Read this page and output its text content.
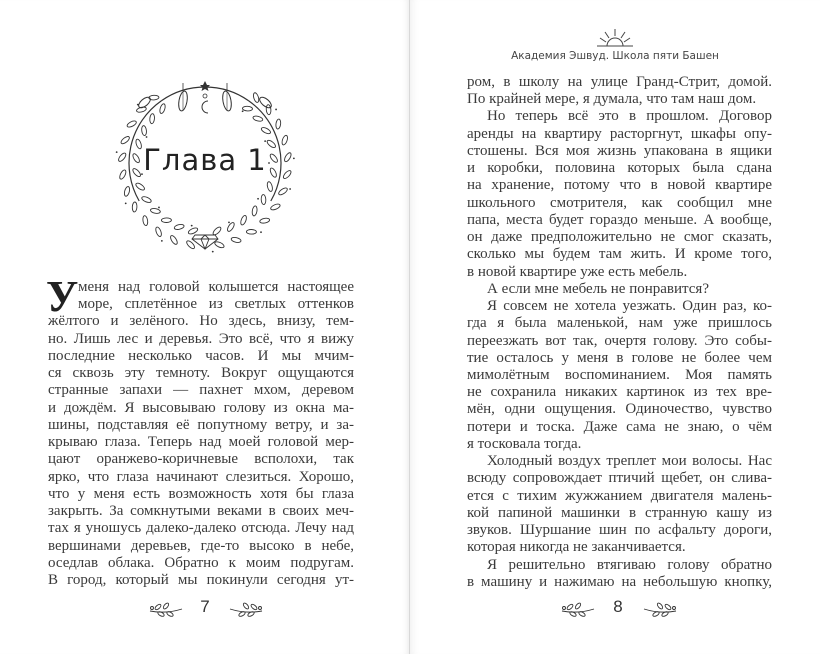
Глава 1
У меня над головой колышется настоящее
море, сплетённое из светлых оттенков
жёлтого и зелёного. Но здесь, внизу, тем-
но. Лишь лес и деревья. Это всё, что я вижу
последние несколько часов. И мы мчим-
ся сквозь эту темноту. Вокруг ощущаются
странные запахи — пахнет мхом, деревом
и дождём. Я высовываю голову из окна ма-
шины, подставляя её попутному ветру, и за-
крываю глаза. Теперь над моей головой мер-
цают оранжево-коричневые всполохи, так
ярко, что глаза начинают слезиться. Хорошо,
что у меня есть возможность хотя бы глаза
закрыть. За сомкнутыми веками в своих меч-
тах я уношусь далеко-далеко отсюда. Лечу над
вершинами деревьев, где-то высоко в небе,
оседлав облака. Обратно к моим подругам.
В город, который мы покинули сегодня ут-
7
Академия Эшвуд. Школа пяти Башен
ром, в школу на улице Гранд-Стрит, домой.
По крайней мере, я думала, что там наш дом.
Но теперь всё это в прошлом. Договор
аренды на квартиру расторгнут, шкафы опу-
стошены. Вся моя жизнь упакована в ящики
и коробки, половина которых была сдана
на хранение, потому что в новой квартире
школьного смотрителя, как сообщил мне
папа, места будет гораздо меньше. А вообще,
он даже предположительно не смог сказать,
сколько мы будем там жить. И кроме того,
в новой квартире уже есть мебель.
А если мне мебель не понравится?
Я совсем не хотела уезжать. Один раз, ко-
гда я была маленькой, нам уже пришлось
переезжать вот так, очертя голову. Это собы-
тие осталось у меня в голове не более чем
мимолётным воспоминанием. Моя память
не сохранила никаких картинок из тех вре-
мён, одни ощущения. Одиночество, чувство
потери и тоска. Даже сама не знаю, о чём
я тосковала тогда.
Холодный воздух треплет мои волосы. Нас
всюду сопровождает птичий щебет, он слива-
ется с тихим жужжанием двигателя малень-
кой папиной машинки в странную кашу из
звуков. Шуршание шин по асфальту дороги,
которая никогда не заканчивается.
Я решительно втягиваю голову обратно
в машину и нажимаю на небольшую кнопку,
8
